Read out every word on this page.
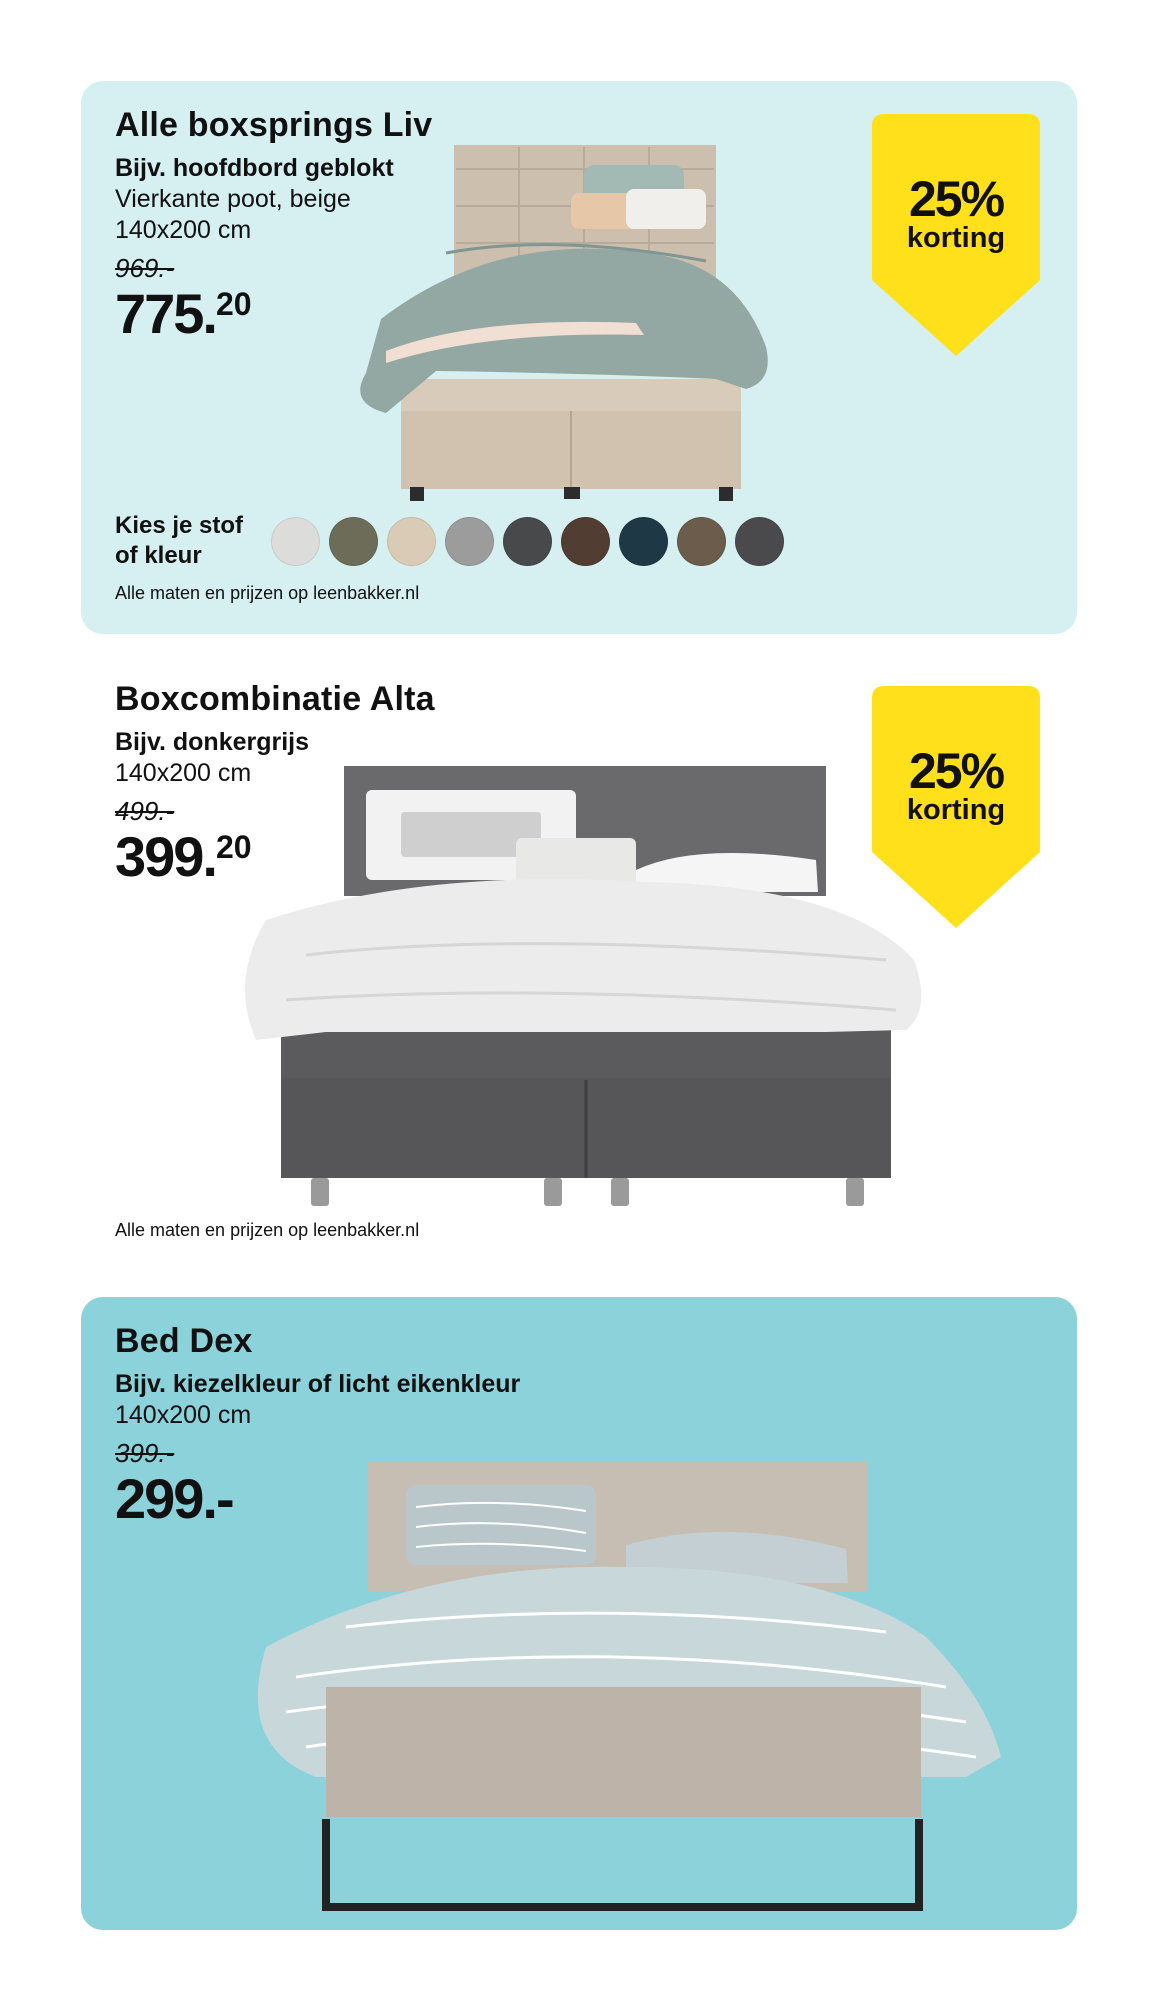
Alle boxsprings Liv

Bijv. hoofdbord geblokt

Vierkante poot, beige

140x200 cm

969.-

775.20

25%
korting

Kies je stof
of kleur

Alle maten en prijzen op leenbakker.nl

Boxcombinatie Alta

Bijv. donkergrijs

140x200 cm

499.-

399.20

25%
korting

Alle maten en prijzen op leenbakker.nl

Bed Dex

Bijv. kiezelkleur of licht eikenkleur

140x200 cm

399.-

299.-
